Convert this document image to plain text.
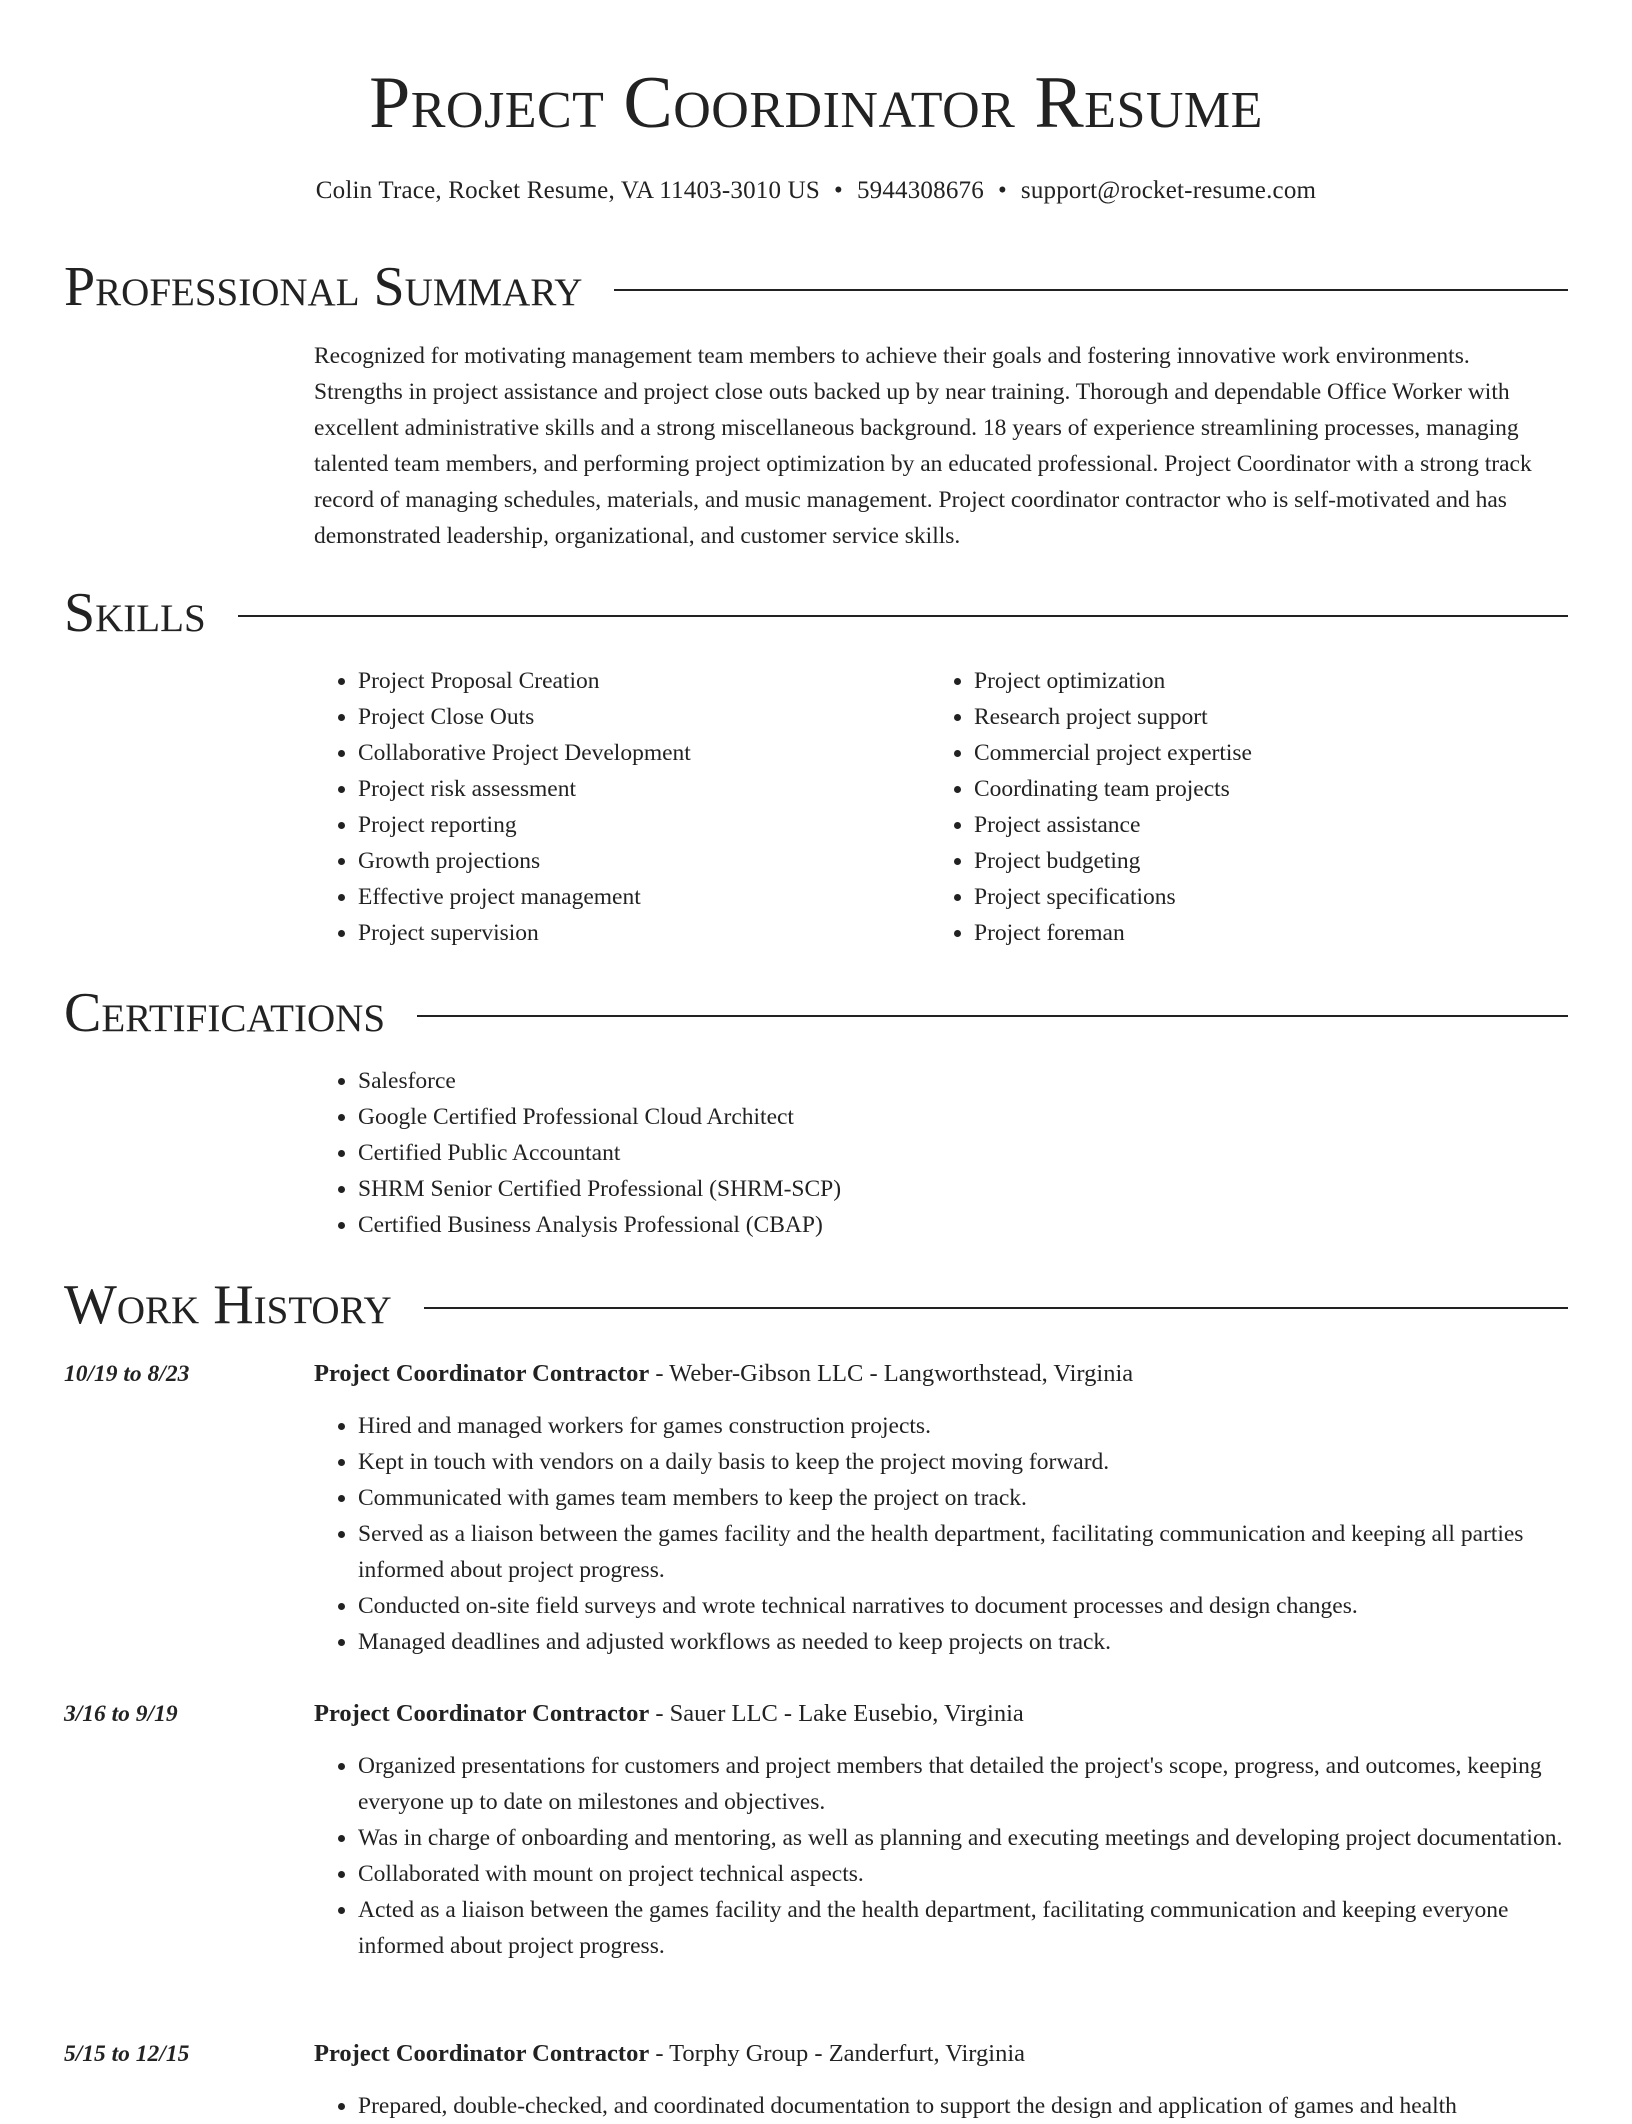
Project Coordinator Resume
Colin Trace, Rocket Resume, VA 11403-3010 US • 5944308676 • support@rocket-resume.com
Professional Summary

Recognized for motivating management team members to achieve their goals and fostering innovative work environments. Strengths in project assistance and project close outs backed up by near training. Thorough and dependable Office Worker with excellent administrative skills and a strong miscellaneous background. 18 years of experience streamlining processes, managing talented team members, and performing project optimization by an educated professional. Project Coordinator with a strong track record of managing schedules, materials, and music management. Project coordinator contractor who is self-motivated and has demonstrated leadership, organizational, and customer service skills.

Skills
• Project Proposal Creation
• Project Close Outs
• Collaborative Project Development
• Project risk assessment
• Project reporting
• Growth projections
• Effective project management
• Project supervision
• Project optimization
• Research project support
• Commercial project expertise
• Coordinating team projects
• Project assistance
• Project budgeting
• Project specifications
• Project foreman
Certifications
• Salesforce
• Google Certified Professional Cloud Architect
• Certified Public Accountant
• SHRM Senior Certified Professional (SHRM-SCP)
• Certified Business Analysis Professional (CBAP)
Work History
10/19 to 8/23	Project Coordinator Contractor - Weber-Gibson LLC - Langworthstead, Virginia
• Hired and managed workers for games construction projects.
• Kept in touch with vendors on a daily basis to keep the project moving forward.
• Communicated with games team members to keep the project on track.
• Served as a liaison between the games facility and the health department, facilitating communication and keeping all parties informed about project progress.
• Conducted on-site field surveys and wrote technical narratives to document processes and design changes.
• Managed deadlines and adjusted workflows as needed to keep projects on track.
3/16 to 9/19	Project Coordinator Contractor - Sauer LLC - Lake Eusebio, Virginia
• Organized presentations for customers and project members that detailed the project's scope, progress, and outcomes, keeping everyone up to date on milestones and objectives.
• Was in charge of onboarding and mentoring, as well as planning and executing meetings and developing project documentation.
• Collaborated with mount on project technical aspects.
• Acted as a liaison between the games facility and the health department, facilitating communication and keeping everyone informed about project progress.
5/15 to 12/15	Project Coordinator Contractor - Torphy Group - Zanderfurt, Virginia
• Prepared, double-checked, and coordinated documentation to support the design and application of games and health
